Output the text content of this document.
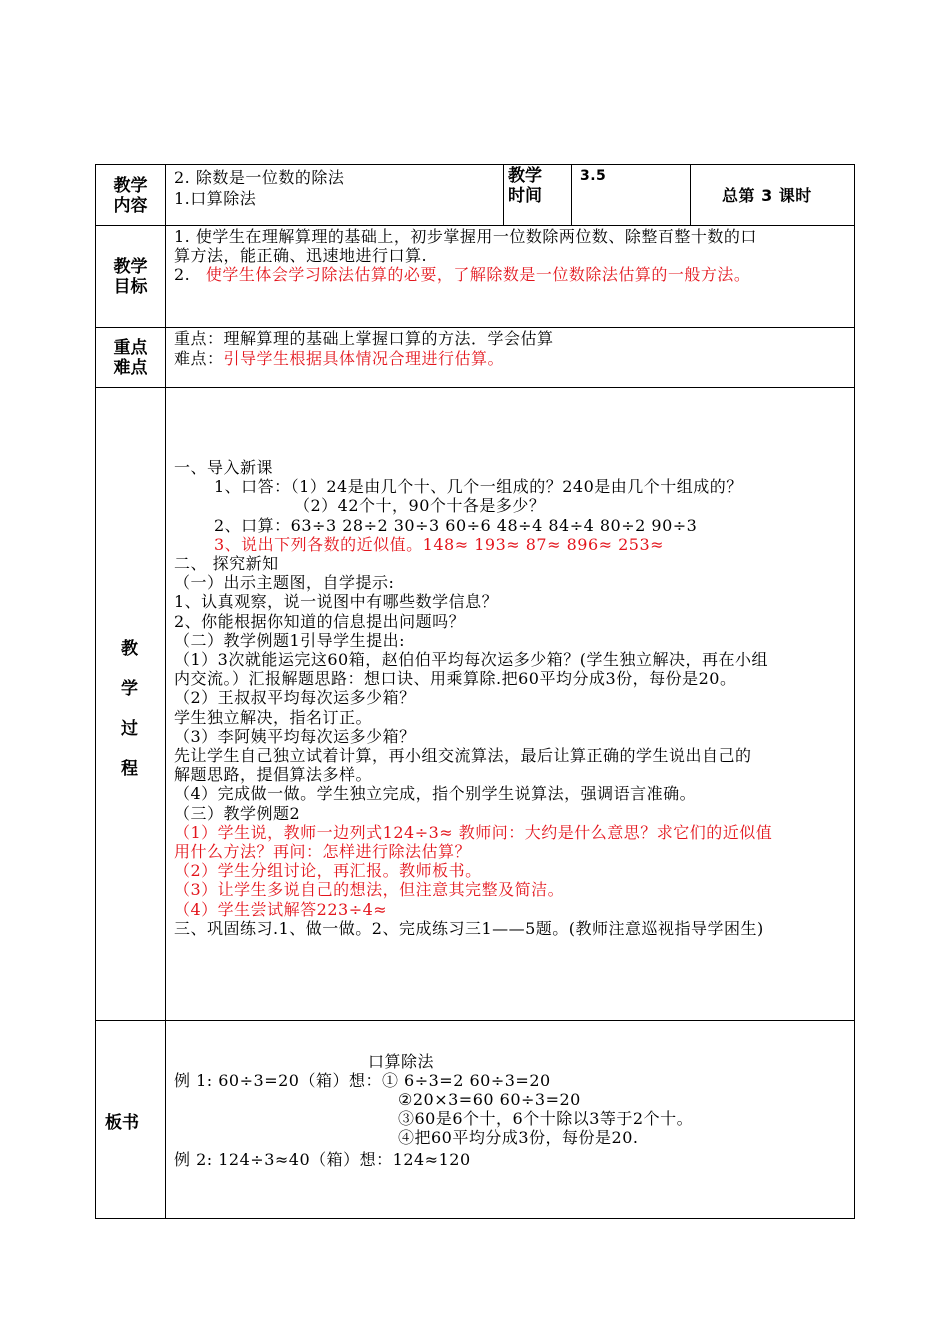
教学
内容
2. 除数是一位数的除法
1.口算除法
教学
时间
3.5
总第 3 课时
教学
目标
1. 使学生在理解算理的基础上，初步掌握用一位数除两位数、除整百整十数的口
算方法，能正确、迅速地进行口算.
2. 使学生体会学习除法估算的必要，了解除数是一位数除法估算的一般方法。
重点
难点
重点：理解算理的基础上掌握口算的方法．学会估算
难点：引导学生根据具体情况合理进行估算。
教
学
过
程
一、导入新课
1、口答：（1）24是由几个十、几个一组成的？240是由几个十组成的？
（2）42个十，90个十各是多少？
2、口算：63÷3 28÷2 30÷3 60÷6 48÷4 84÷4 80÷2 90÷3
3、说出下列各数的近似值。148≈ 193≈ 87≈ 896≈ 253≈
二、 探究新知
（一）出示主题图，自学提示:
1、认真观察，说一说图中有哪些数学信息？
2、你能根据你知道的信息提出问题吗？
（二）教学例题1引导学生提出:
（1）3次就能运完这60箱，赵伯伯平均每次运多少箱？(学生独立解决，再在小组
内交流。）汇报解题思路：想口诀、用乘算除.把60平均分成3份，每份是20。
（2）王叔叔平均每次运多少箱？
学生独立解决，指名订正。
（3）李阿姨平均每次运多少箱？
先让学生自己独立试着计算，再小组交流算法，最后让算正确的学生说出自己的
解题思路，提倡算法多样。
（4）完成做一做。学生独立完成，指个别学生说算法，强调语言准确。
（三）教学例题2
（1）学生说，教师一边列式124÷3≈ 教师问：大约是什么意思？求它们的近似值
用什么方法？再问：怎样进行除法估算？
（2）学生分组讨论，再汇报。教师板书。
（3）让学生多说自己的想法，但注意其完整及简洁。
（4）学生尝试解答223÷4≈
三、巩固练习.1、做一做。2、完成练习三1——5题。(教师注意巡视指导学困生)
板书
口算除法
例 1: 60÷3=20（箱）想：① 6÷3=2 60÷3=20
②20×3=60 60÷3=20
③60是6个十，6个十除以3等于2个十。
④把60平均分成3份，每份是20.
例 2: 124÷3≈40（箱）想：124≈120
